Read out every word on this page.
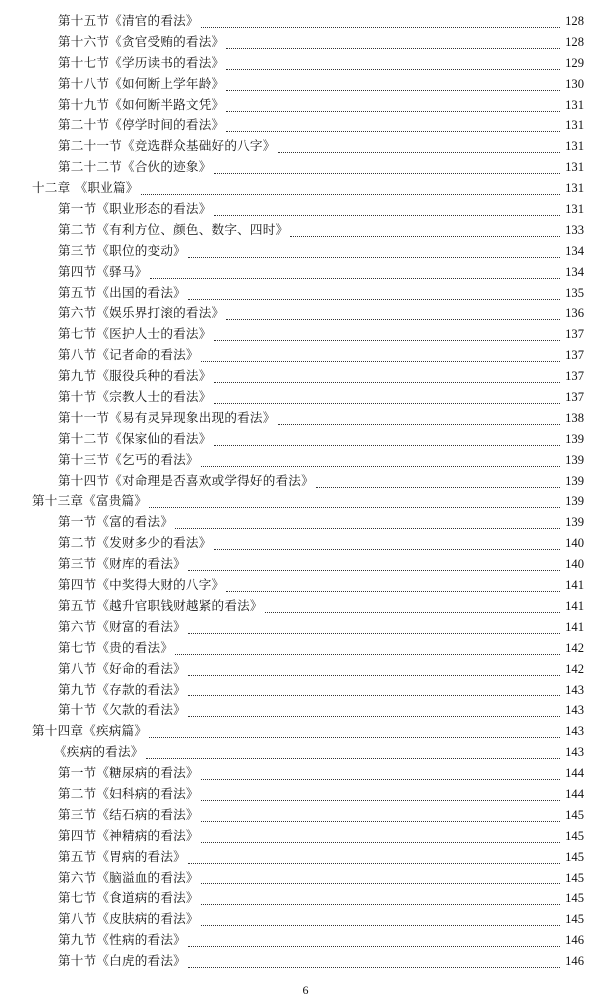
第十五节《清官的看法》	128
第十六节《贪官受贿的看法》	128
第十七节《学历读书的看法》	129
第十八节《如何断上学年龄》	130
第十九节《如何断半路文凭》	131
第二十节《停学时间的看法》	131
第二十一节《竞选群众基础好的八字》	131
第二十二节《合伙的迹象》	131
十二章 《职业篇》	131
第一节《职业形态的看法》	131
第二节《有利方位、颜色、数字、四时》	133
第三节《职位的变动》	134
第四节《驿马》	134
第五节《出国的看法》	135
第六节《娱乐界打滚的看法》	136
第七节《医护人士的看法》	137
第八节《记者命的看法》	137
第九节《服役兵种的看法》	137
第十节《宗教人士的看法》	137
第十一节《易有灵异现象出现的看法》	138
第十二节《保家仙的看法》	139
第十三节《乞丐的看法》	139
第十四节《对命理是否喜欢或学得好的看法》	139
第十三章《富贵篇》	139
第一节《富的看法》	139
第二节《发财多少的看法》	140
第三节《财库的看法》	140
第四节《中奖得大财的八字》	141
第五节《越升官职钱财越紧的看法》	141
第六节《财富的看法》	141
第七节《贵的看法》	142
第八节《好命的看法》	142
第九节《存款的看法》	143
第十节《欠款的看法》	143
第十四章《疾病篇》	143
《疾病的看法》	143
第一节《糖尿病的看法》	144
第二节《妇科病的看法》	144
第三节《结石病的看法》	145
第四节《神精病的看法》	145
第五节《胃病的看法》	145
第六节《脑溢血的看法》	145
第七节《食道病的看法》	145
第八节《皮肤病的看法》	145
第九节《性病的看法》	146
第十节《白虎的看法》	146
6
